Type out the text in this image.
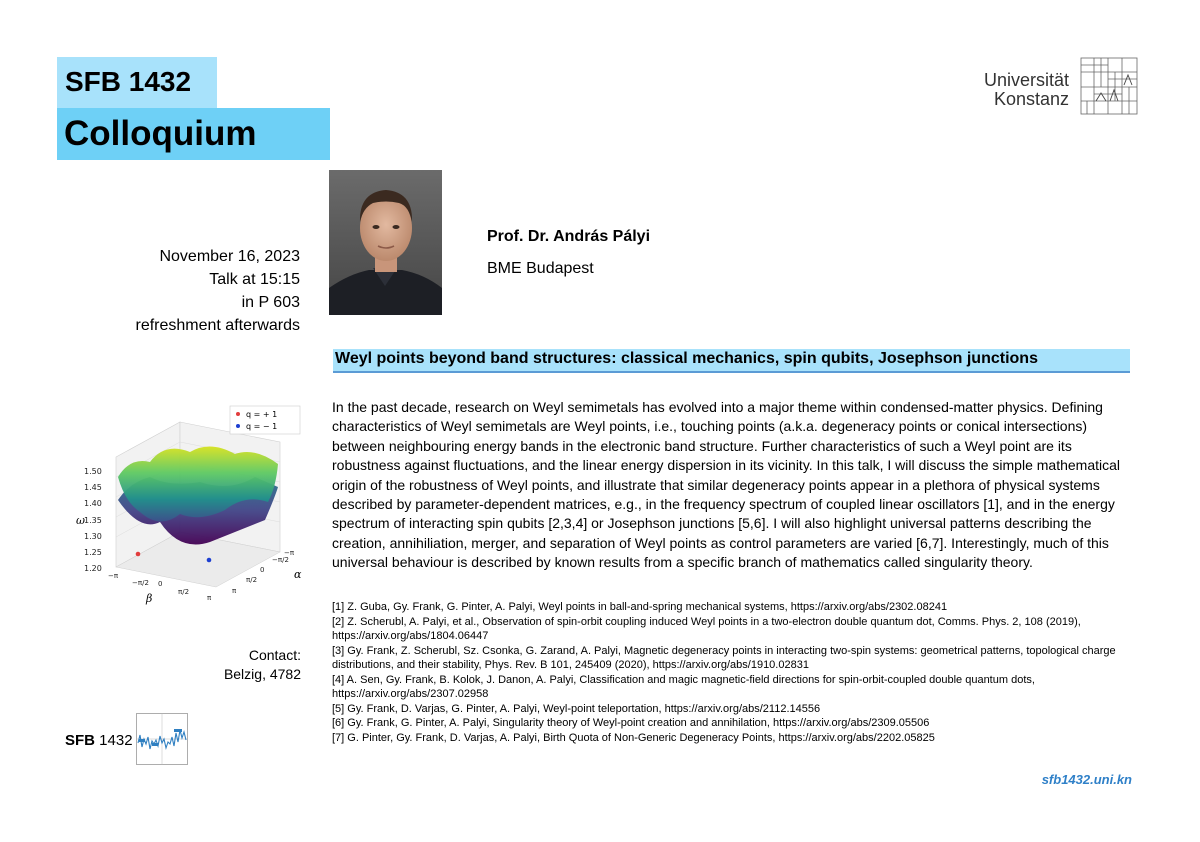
SFB 1432
Colloquium
Universität
Konstanz
Prof. Dr. András Pályi
BME Budapest
November 16, 2023
Talk at 15:15
in P 603
refreshment afterwards
Weyl points beyond band structures: classical mechanics, spin qubits, Josephson junctions
In the past decade, research on Weyl semimetals has evolved into a major theme within condensed-matter physics. Defining characteristics of Weyl semimetals are Weyl points, i.e., touching points (a.k.a. degeneracy points or conical intersections) between neighbouring energy bands in the electronic band structure. Further characteristics of such a Weyl point are its robustness against fluctuations, and the linear energy dispersion in its vicinity. In this talk, I will discuss the simple mathematical origin of the robustness of Weyl points, and illustrate that similar degeneracy points appear in a plethora of physical systems described by parameter-dependent matrices, e.g., in the frequency spectrum of coupled linear oscillators [1], and in the energy spectrum of interacting spin qubits [2,3,4] or Josephson junctions [5,6]. I will also highlight universal patterns describing the creation, annihiliation, merger, and separation of Weyl points as control parameters are varied [6,7]. Interestingly, much of this universal behaviour is described by known results from a specific branch of mathematics called singularity theory.
[1] Z. Guba, Gy. Frank, G. Pinter, A. Palyi, Weyl points in ball-and-spring mechanical systems, https://arxiv.org/abs/2302.08241
[2] Z. Scherubl, A. Palyi, et al., Observation of spin-orbit coupling induced Weyl points in a two-electron double quantum dot, Comms. Phys. 2, 108 (2019), https://arxiv.org/abs/1804.06447
[3] Gy. Frank, Z. Scherubl, Sz. Csonka, G. Zarand, A. Palyi, Magnetic degeneracy points in interacting two-spin systems: geometrical patterns, topological charge distributions, and their stability, Phys. Rev. B 101, 245409 (2020), https://arxiv.org/abs/1910.02831
[4] A. Sen, Gy. Frank, B. Kolok, J. Danon, A. Palyi, Classification and magic magnetic-field directions for spin-orbit-coupled double quantum dots, https://arxiv.org/abs/2307.02958
[5] Gy. Frank, D. Varjas, G. Pinter, A. Palyi, Weyl-point teleportation, https://arxiv.org/abs/2112.14556
[6] Gy. Frank, G. Pinter, A. Palyi, Singularity theory of Weyl-point creation and annihilation, https://arxiv.org/abs/2309.05506
[7] G. Pinter, Gy. Frank, D. Varjas, A. Palyi, Birth Quota of Non-Generic Degeneracy Points, https://arxiv.org/abs/2202.05825
Contact:
Belzig, 4782
SFB 1432
sfb1432.uni.kn
q = + 1
q = − 1
1.50
1.45
1.40
1.35
1.30
1.25
1.20
ω
−π
−π/2 0
π/2
π
β
−π
−π/2
0
π/2
π
α
